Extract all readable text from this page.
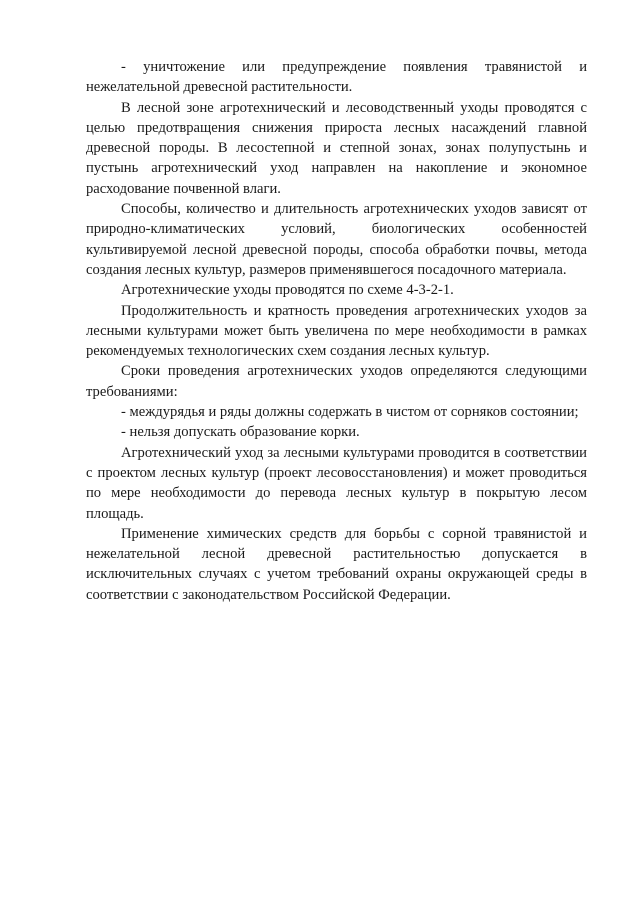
- уничтожение или предупреждение появления травянистой и нежелательной древесной растительности.

В лесной зоне агротехнический и лесоводственный уходы проводятся с целью предотвращения снижения прироста лесных насаждений главной древесной породы. В лесостепной и степной зонах, зонах полупустынь и пустынь агротехнический уход направлен на накопление и экономное расходование почвенной влаги.

Способы, количество и длительность агротехнических уходов зависят от природно-климатических условий, биологических особенностей культивируемой лесной древесной породы, способа обработки почвы, метода создания лесных культур, размеров применявшегося посадочного материала.

Агротехнические уходы проводятся по схеме 4-3-2-1.

Продолжительность и кратность проведения агротехнических уходов за лесными культурами может быть увеличена по мере необходимости в рамках рекомендуемых технологических схем создания лесных культур.

Сроки проведения агротехнических уходов определяются следующими требованиями:

- междурядья и ряды должны содержать в чистом от сорняков состоянии;

- нельзя допускать образование корки.

Агротехнический уход за лесными культурами проводится в соответствии с проектом лесных культур (проект лесовосстановления) и может проводиться по мере необходимости до перевода лесных культур в покрытую лесом площадь.

Применение химических средств для борьбы с сорной травянистой и нежелательной лесной древесной растительностью допускается в исключительных случаях с учетом требований охраны окружающей среды в соответствии с законодательством Российской Федерации.
